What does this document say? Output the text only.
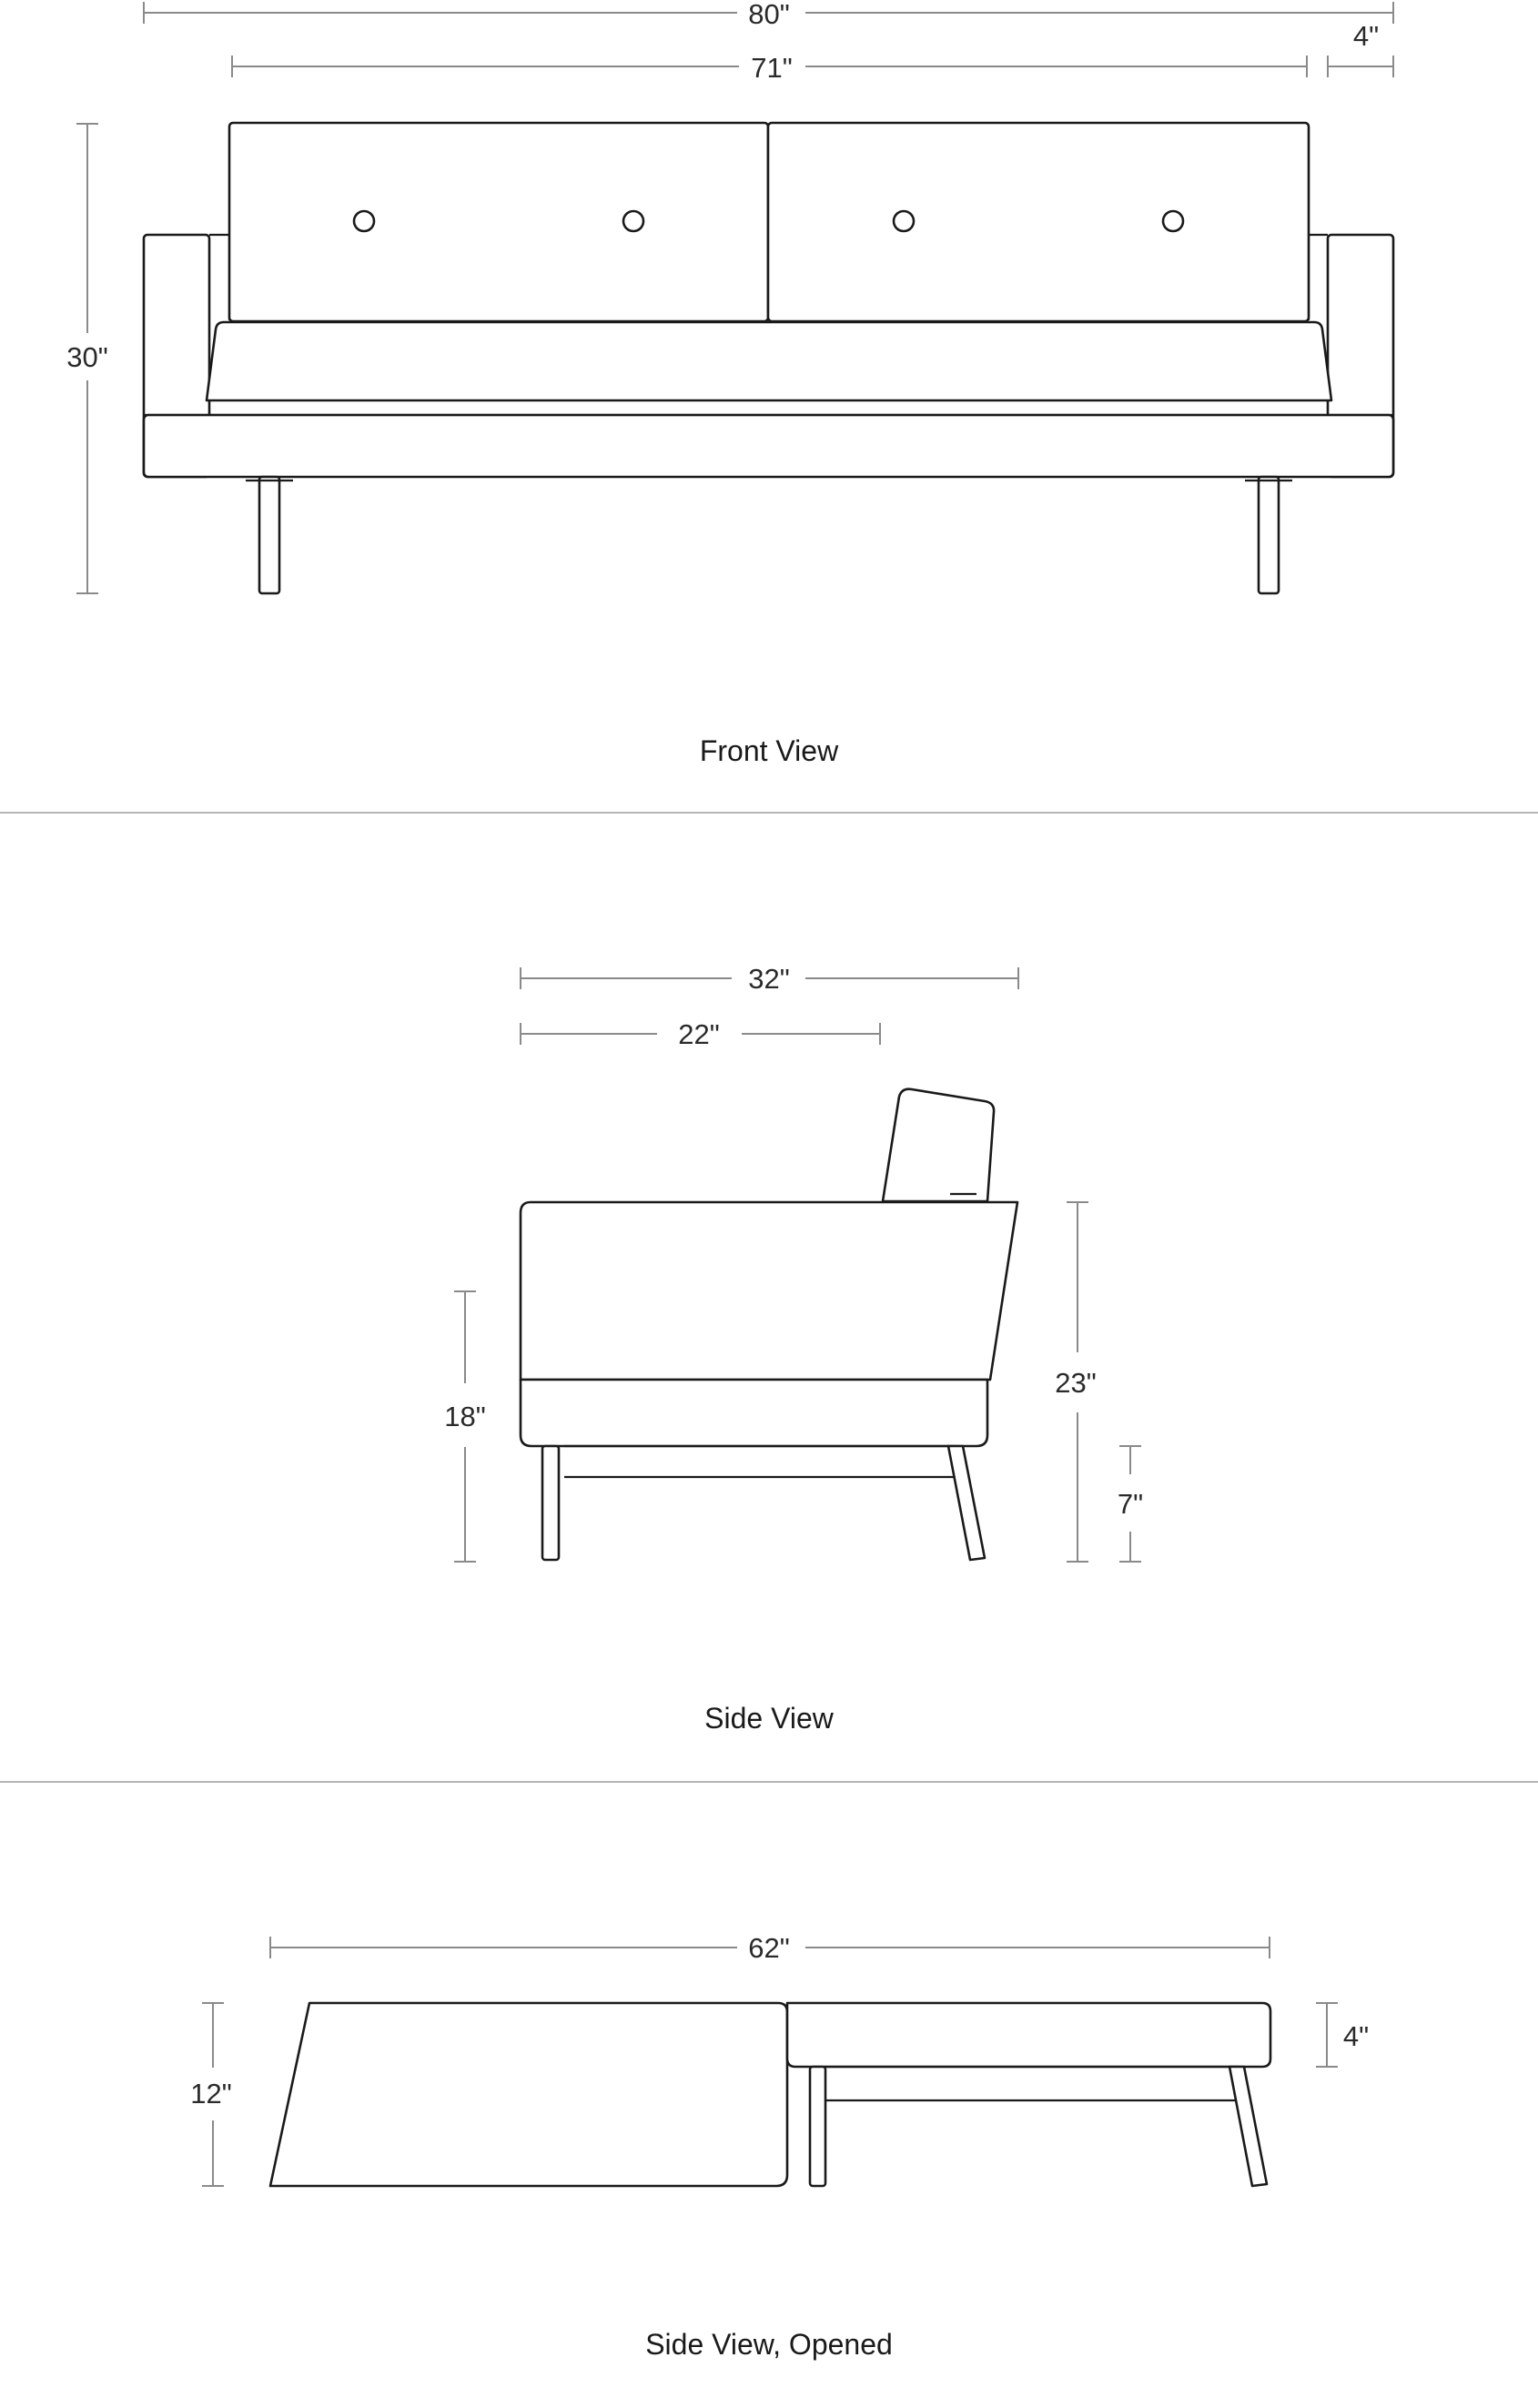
80"
71"
4"
30"
Front View
32"
22"
23"
7"
18"
Side View
62"
12"
4"
Side View, Opened
